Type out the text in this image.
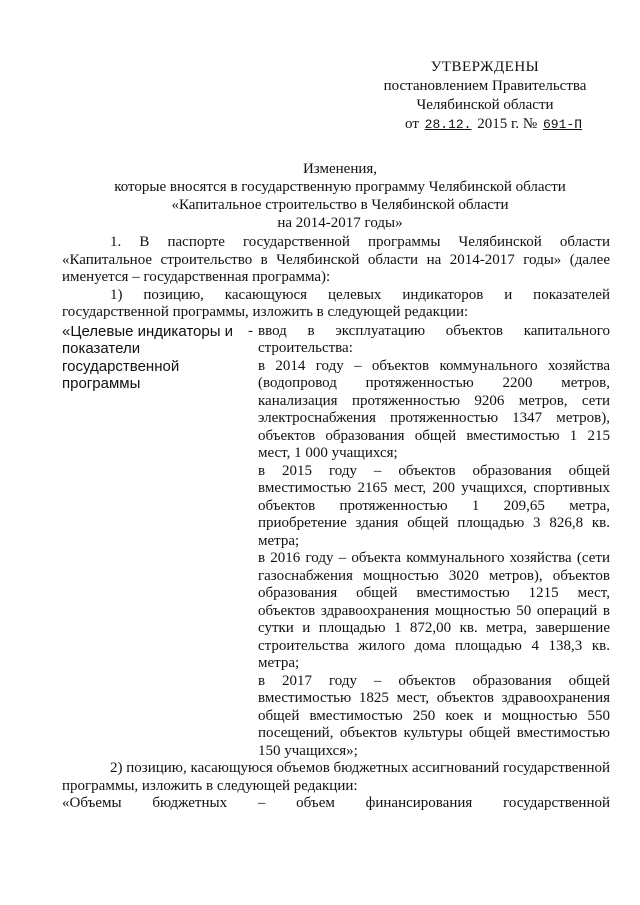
УТВЕРЖДЕНЫ
постановлением Правительства
Челябинской области
от 28.12. 2015 г. № 691-П
Изменения,
которые вносятся в государственную программу Челябинской области
«Капитальное строительство в Челябинской области
на 2014-2017 годы»

1. В паспорте государственной программы Челябинской области «Капитальное строительство в Челябинской области на 2014-2017 годы» (далее именуется – государственная программа):

1) позицию, касающуюся целевых индикаторов и показателей государственной программы, изложить в следующей редакции:

«Целевые индикаторы и показатели государственной программы
- ввод в эксплуатацию объектов капитального строительства:

в 2014 году – объектов коммунального хозяйства (водопровод протяженностью 2200 метров, канализация протяженностью 9206 метров, сети электроснабжения протяженностью 1347 метров), объектов образования общей вместимостью 1 215 мест, 1 000 учащихся;

в 2015 году – объектов образования общей вместимостью 2165 мест, 200 учащихся, спортивных объектов протяженностью 1 209,65 метра, приобретение здания общей площадью 3 826,8 кв. метра;

в 2016 году – объекта коммунального хозяйства (сети газоснабжения мощностью 3020 метров), объектов образования общей вместимостью 1215 мест, объектов здравоохранения мощностью 50 операций в сутки и площадью 1 872,00 кв. метра, завершение строительства жилого дома площадью 4 138,3 кв. метра;

в 2017 году – объектов образования общей вместимостью 1825 мест, объектов здравоохранения общей вместимостью 250 коек и мощностью 550 посещений, объектов культуры общей вместимостью 150 учащихся»;

2) позицию, касающуюся объемов бюджетных ассигнований государственной программы, изложить в следующей редакции:

«Объемы бюджетных – объем финансирования государственной
